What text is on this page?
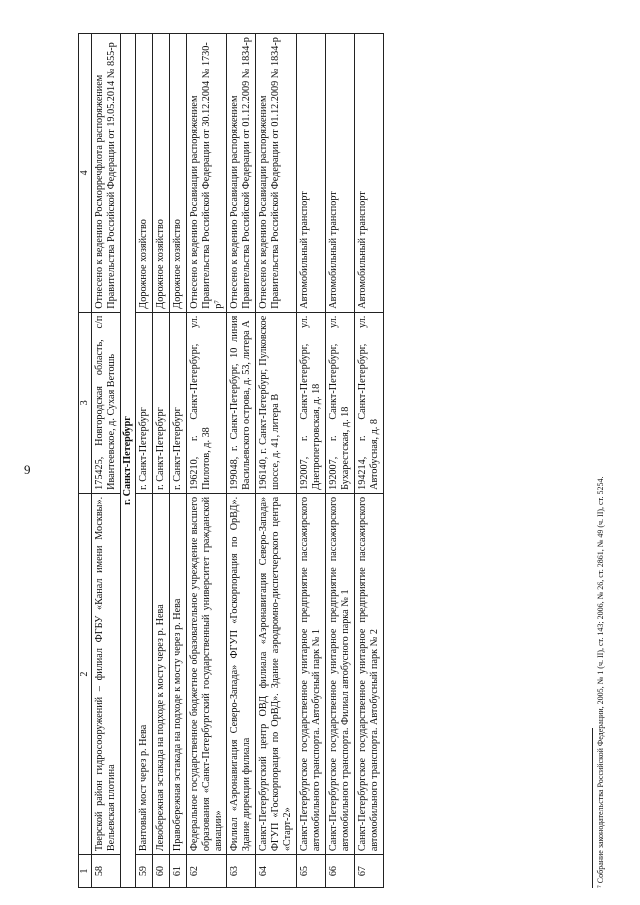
9
1	2	3	4
58	Тверской район гидросооружений – филиал ФГБУ «Канал имени Москвы». Вельевская плотина	175425, Новгородская область, с/п Ивантеевское, д. Сухая Ветошь	Отнесено к ведению Росморречфлота распоряжением Правительства Российской Федерации от 19.05.2014 № 855-р
г. Санкт-Петербург			
59	Вантовый мост через р. Нева	г. Санкт-Петербург	Дорожное хозяйство
60	Левобережная эстакада на подходе к мосту через р. Нева	г. Санкт-Петербург	Дорожное хозяйство
61	Правобережная эстакада на подходе к мосту через р. Нева	г. Санкт-Петербург	Дорожное хозяйство
62	Федеральное государственное бюджетное образовательное учреждение высшего образования «Санкт-Петербургский государственный университет гражданской авиации»	196210, г. Санкт-Петербург, ул. Пилотов, д. 38	Отнесено к ведению Росавиации распоряжением Правительства Российской Федерации от 30.12.2004 № 1730-р⁷
63	Филиал «Аэронавигация Северо-Запада» ФГУП «Госкорпорация по ОрВД». Здание дирекции филиала	199048, г. Санкт-Петербург, 10 линия Васильевского острова, д. 53, литера А	Отнесено к ведению Росавиации распоряжением Правительства Российской Федерации от 01.12.2009 № 1834-р
64	Санкт-Петербургский центр ОВД филиала «Аэронавигация Северо-Запада» ФГУП «Госкорпорация по ОрВД». Здание аэродромно-диспетчерского центра «Старт-2»	196140, г. Санкт-Петербург, Пулковское шоссе, д. 41, литера В	Отнесено к ведению Росавиации распоряжением Правительства Российской Федерации от 01.12.2009 № 1834-р
65	Санкт-Петербургское государственное унитарное предприятие пассажирского автомобильного транспорта. Автобусный парк № 1	192007, г. Санкт-Петербург, ул. Днепропетровская, д. 18	Автомобильный транспорт
66	Санкт-Петербургское государственное унитарное предприятие пассажирского автомобильного транспорта. Филиал автобусного парка № 1	192007, г. Санкт-Петербург, ул. Бухарестская, д. 18	Автомобильный транспорт
67	Санкт-Петербургское государственное унитарное предприятие пассажирского автомобильного транспорта. Автобусный парк № 2	194214, г. Санкт-Петербург, ул. Автобусная, д. 8	Автомобильный транспорт
⁷ Собрание законодательства Российской Федерации, 2005, № 1 (ч. II), ст. 143; 2006, № 26, ст. 2861, № 49 (ч. II), ст. 5254.
